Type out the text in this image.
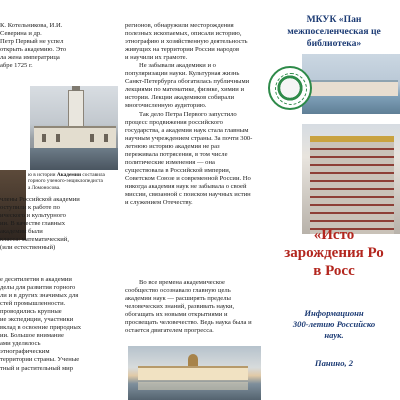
К. Котельникова, И.И.

Северина и др.

Петр Первый не успел

открыть академию. Это

ла жена императрица

абре 1725 г.

ю в истории Академии составила
горного ученого-энциклопедиста
а Ломоносова.

члены Российской академии

оступили к работе по

ического и культурного

ии. В качестве главных

академии были

класса: математический,

(или естественный)

е десятилетия в академии

делы для развития горного

ли и в других значимых для

стей промышленности.

проводились крупные

ие экспедиции, участники

вклад в освоение природных

ии. Большое внимание

ами уделялось

этнографическим

территории страны. Ученые

тный и растительный мир

регионов, обнаружили месторождения

полезных ископаемых, описали историю,

этнографию и хозяйственную деятельность

живущих на территории России народов

и научили их грамоте.

Не забывали академики и о

популяризации науки. Культурная жизнь

Санкт-Петербурга обогатилась публичными

лекциями по математике, физике, химии и

истории. Лекции академиков собирали

многочисленную аудиторию.

Так дело Петра Первого запустило

процесс продвижения российского

государства, а академия наук стала главным

научным учреждением страны. За почти 300-

летнюю историю академия не раз

переживала потрясения, в том числе

политические изменения — она

существовала в Российской империи,

Советском Союзе и современной России. Но

никогда академия наук не забывала о своей

миссии, связанной с поиском научных истин

и служением Отечеству.

Во все времена академическое

сообщество осознавало главную цель

академии наук — расширять пределы

человеческих знаний, развивать науки,

обогащать их новыми открытиями и

просвещать человечество. Ведь наука была и

остается двигателем прогресса.

МКУК «Пан
межпоселенческая це
библиотека»
«Исто
зарождения Ро
в Росс
Информационн
300-летию Российско
наук.
Панино, 2
